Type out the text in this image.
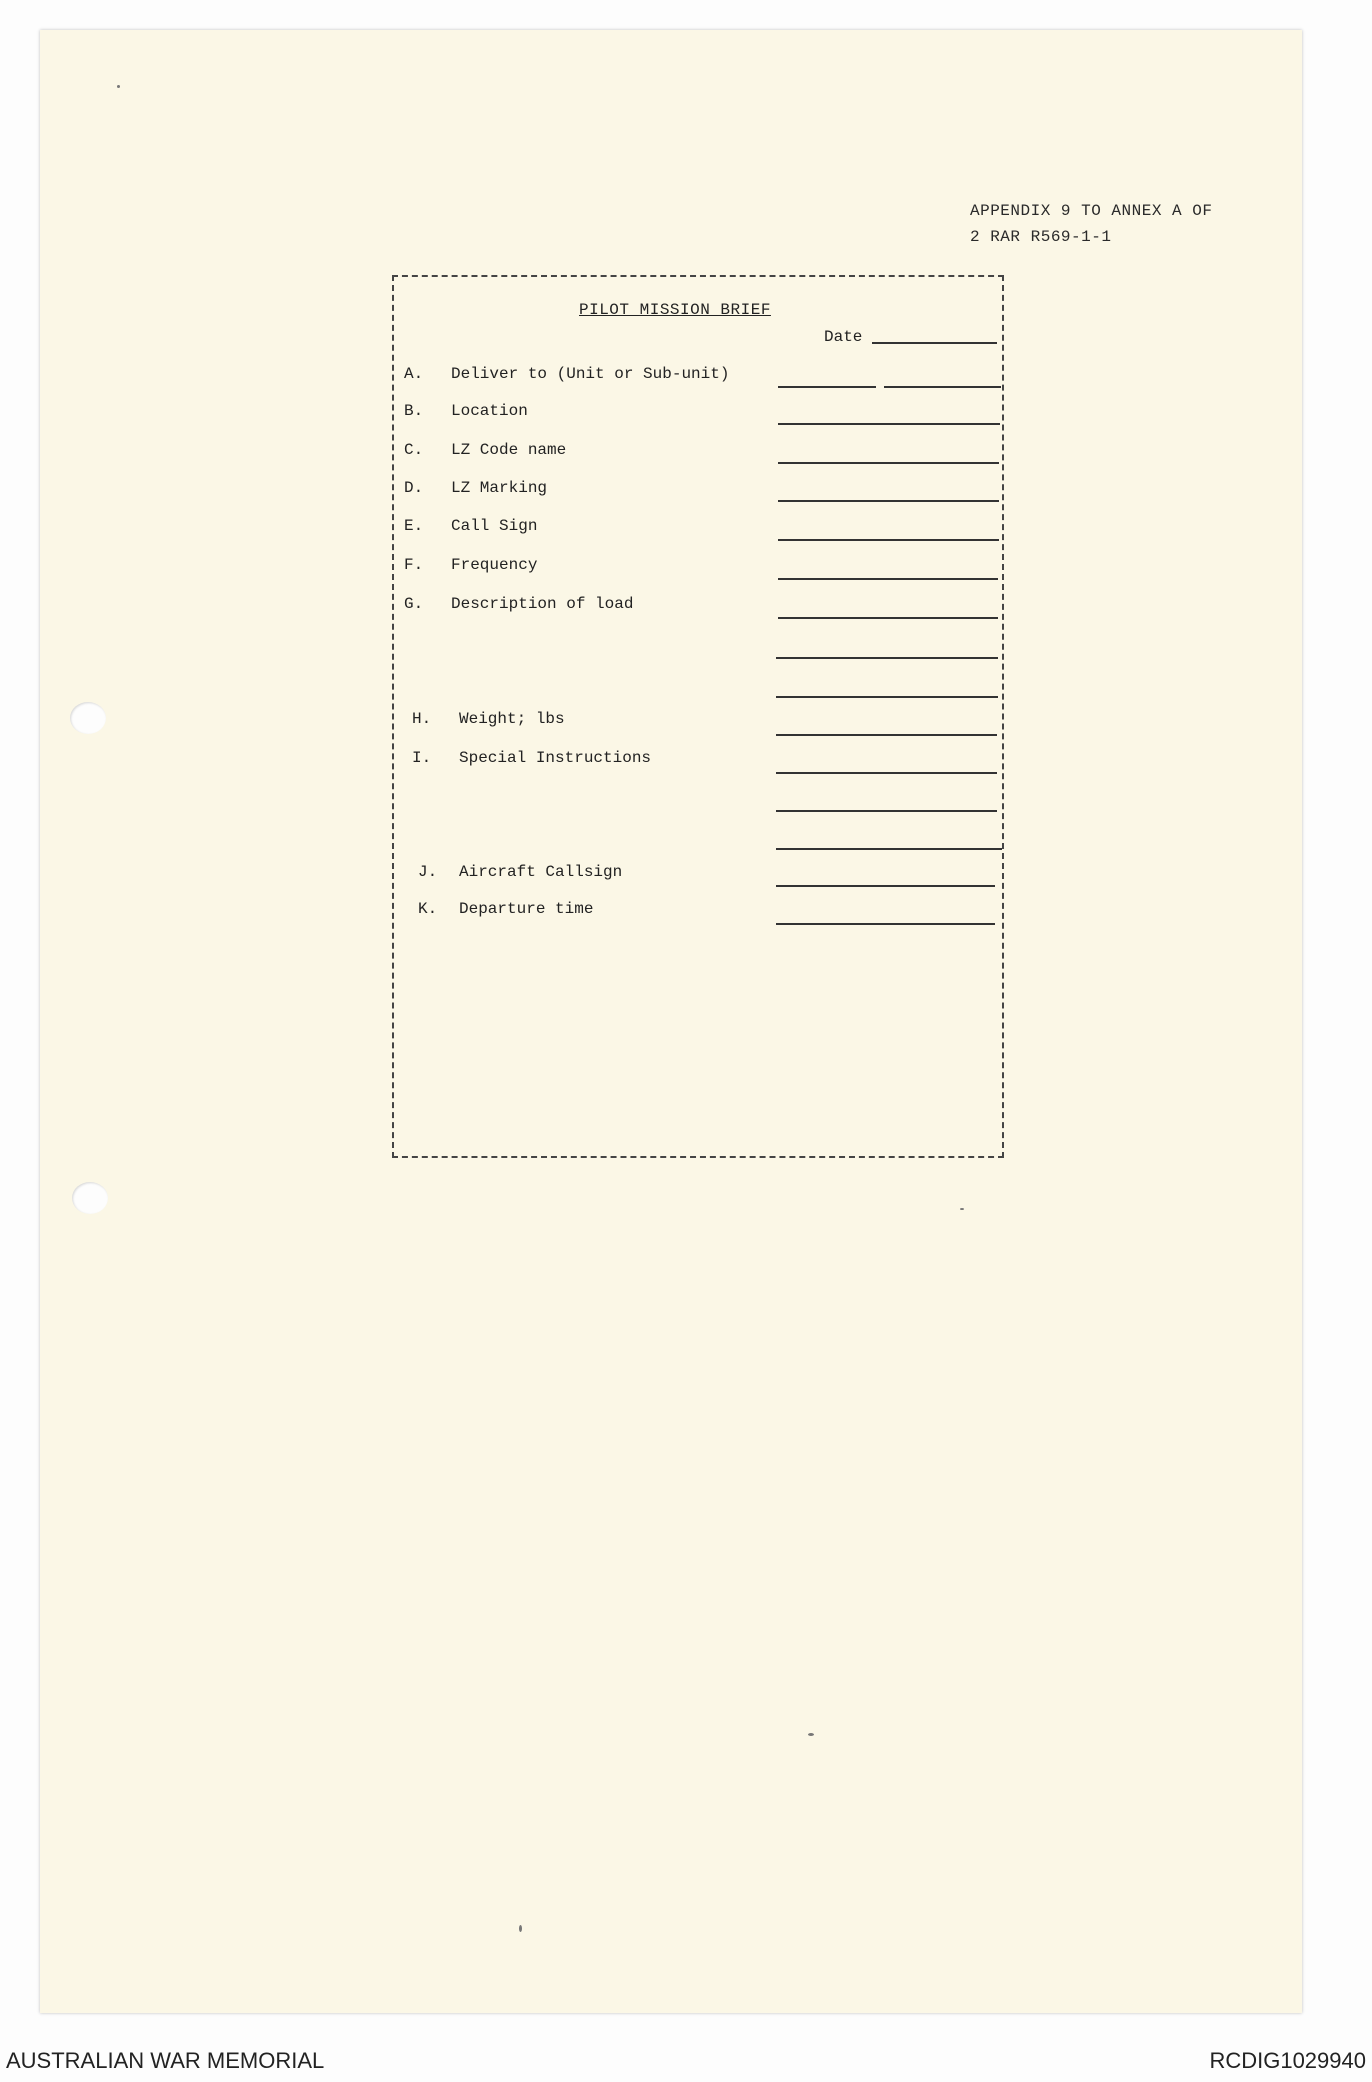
APPENDIX 9 TO ANNEX A OF
2 RAR R569-1-1
PILOT MISSION BRIEF
Date
A.	Deliver to (Unit or Sub-unit)
B.	Location
C.	LZ Code name
D.	LZ Marking
E.	Call Sign
F.	Frequency
G.	Description of load
H.	Weight; lbs
I.	Special Instructions
J.	Aircraft Callsign
K.	Departure time
AUSTRALIAN WAR MEMORIAL	RCDIG1029940
